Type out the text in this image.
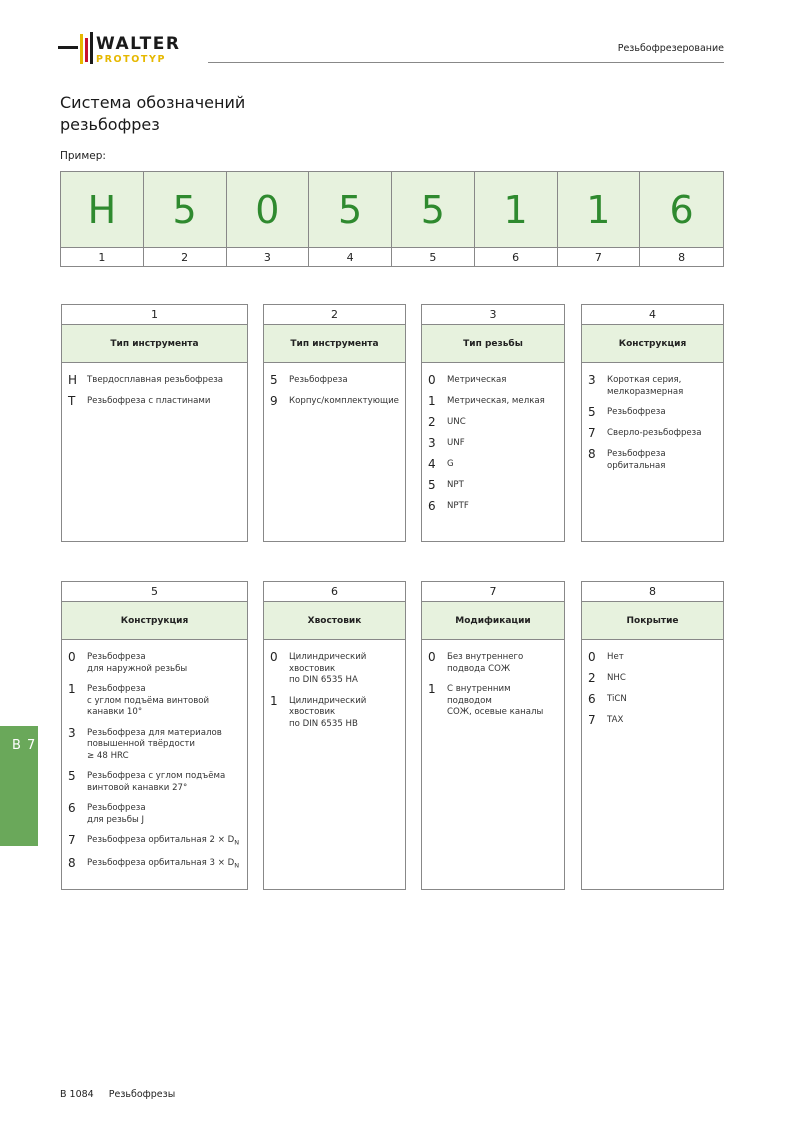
WALTER
PROTOTYP
Резьбофрезерование
Система обозначений
резьбофрез
Пример:
H	5	0	5	5	1	1	6
1	2	3	4	5	6	7	8
1
Тип инструмента
H	Твердосплавная резьбофреза
T	Резьбофреза с пластинами
2
Тип инструмента
5	Резьбофреза
9	Корпус/комплектующие
3
Тип резьбы
0	Метрическая
1	Метрическая, мелкая
2	UNC
3	UNF
4	G
5	NPT
6	NPTF
4
Конструкция
3	Короткая серия,
мелкоразмерная
5	Резьбофреза
7	Сверло-резьбофреза
8	Резьбофреза орбитальная
5
Конструкция
0	Резьбофреза
для наружной резьбы
1	Резьбофреза
с углом подъёма винтовой канавки 10°
3	Резьбофреза для материалов
повышенной твёрдости
≥ 48 HRC
5	Резьбофреза с углом подъёма
винтовой канавки 27°
6	Резьбофреза
для резьбы J
7	Резьбофреза орбитальная $2 \times D_N$
8	Резьбофреза орбитальная $3 \times D_N$
6
Хвостовик
0	Цилиндрический хвостовик
по DIN 6535 HA
1	Цилиндрический хвостовик
по DIN 6535 HB
7
Модификации
0	Без внутреннего
подвода СОЖ
1	С внутренним подводом
СОЖ, осевые каналы
8
Покрытие
0	Нет
2	NHC
6	TiCN
7	TAX
B 7
B 1084 Резьбофрезы
